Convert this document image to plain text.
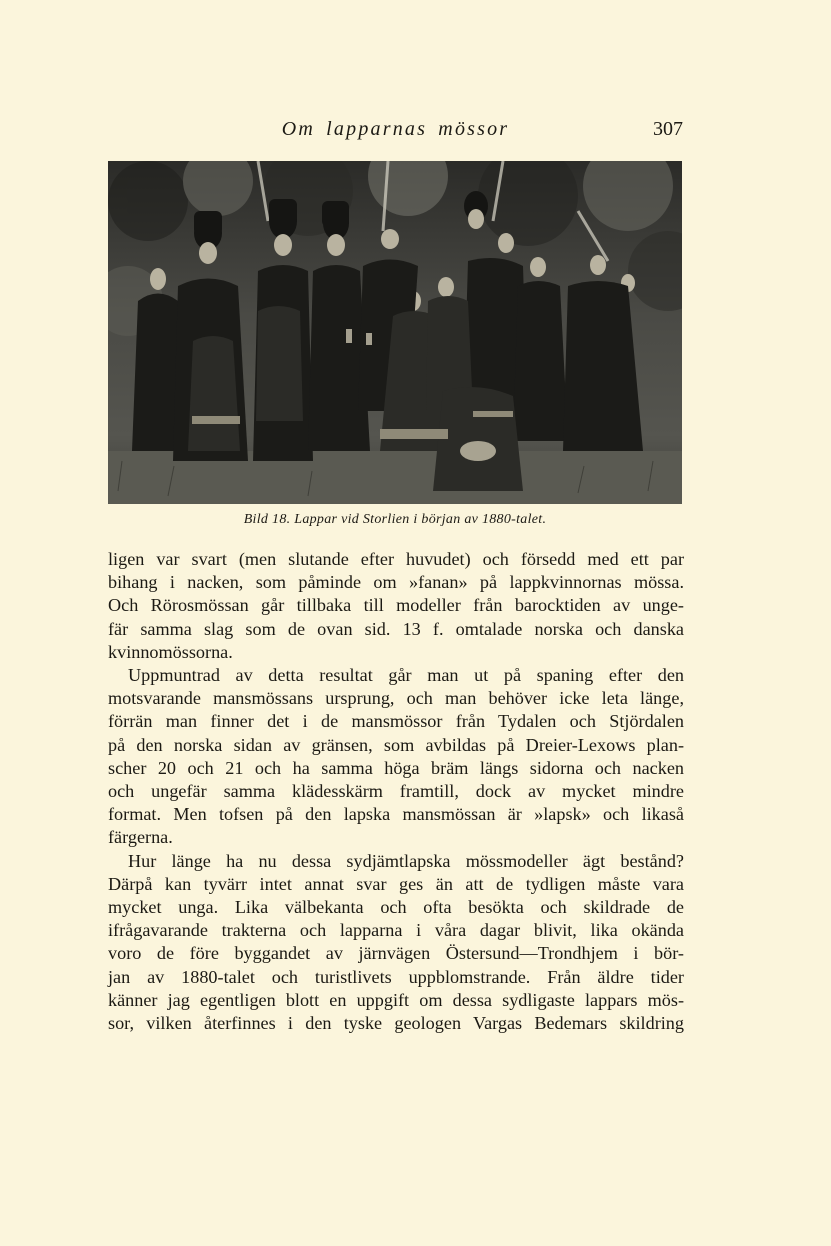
Om lapparnas mössor	307
Bild 18. Lappar vid Storlien i början av 1880-talet.

ligen var svart (men slutande efter huvudet) och försedd med ett par
bihang i nacken, som påminde om »fanan» på lappkvinnornas mössa.
Och Rörosmössan går tillbaka till modeller från barocktiden av unge-
fär samma slag som de ovan sid. 13 f. omtalade norska och danska
kvinnomössorna.

Uppmuntrad av detta resultat går man ut på spaning efter den
motsvarande mansmössans ursprung, och man behöver icke leta länge,
förrän man finner det i de mansmössor från Tydalen och Stjördalen
på den norska sidan av gränsen, som avbildas på Dreier-Lexows plan-
scher 20 och 21 och ha samma höga bräm längs sidorna och nacken
och ungefär samma klädesskärm framtill, dock av mycket mindre
format. Men tofsen på den lapska mansmössan är »lapsk» och likaså
färgerna.

Hur länge ha nu dessa sydjämtlapska mössmodeller ägt bestånd?
Därpå kan tyvärr intet annat svar ges än att de tydligen måste vara
mycket unga. Lika välbekanta och ofta besökta och skildrade de
ifrågavarande trakterna och lapparna i våra dagar blivit, lika okända
voro de före byggandet av järnvägen Östersund—Trondhjem i bör-
jan av 1880-talet och turistlivets uppblomstrande. Från äldre tider
känner jag egentligen blott en uppgift om dessa sydligaste lappars mös-
sor, vilken återfinnes i den tyske geologen Vargas Bedemars skildring
